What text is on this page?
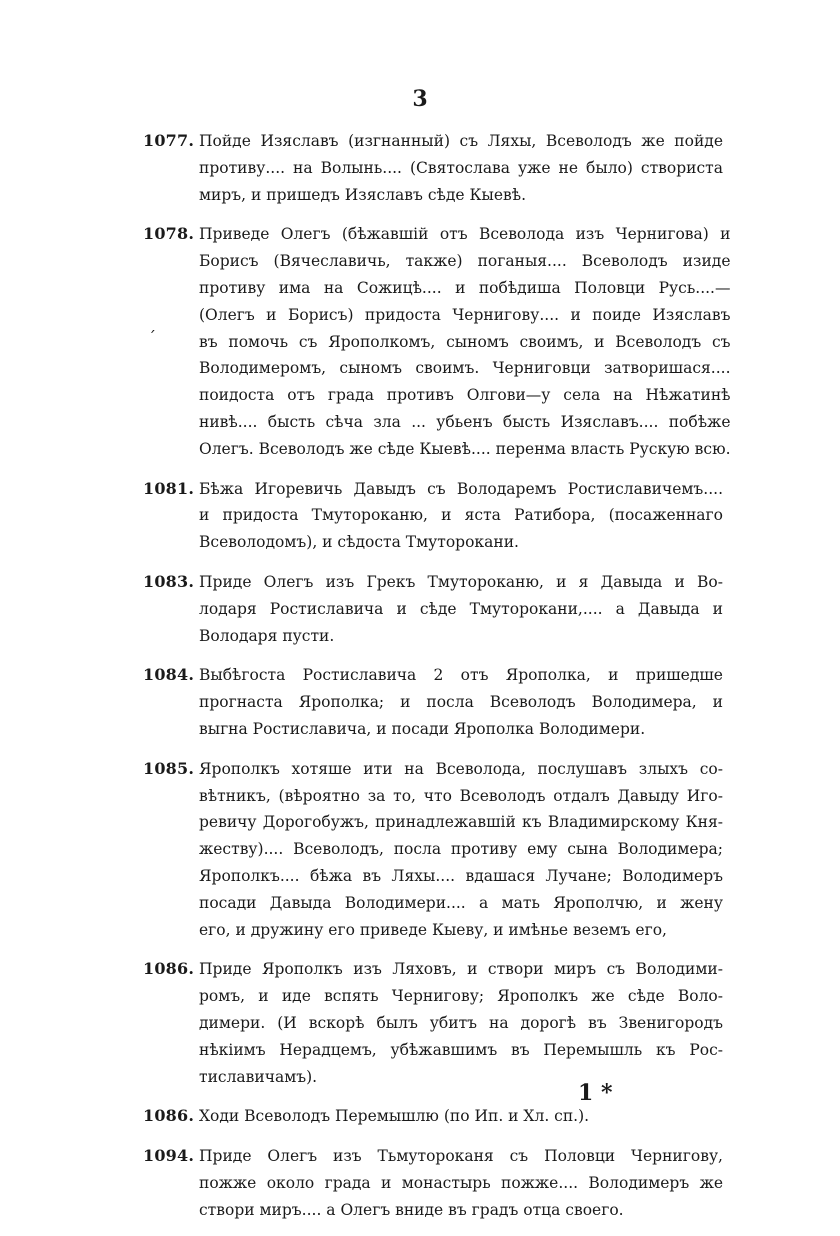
3
ˊ
1077. Пойде Изяславъ (изгнанный) съ Ляхы, Всеволодъ же пойде
противу.... на Волынь.... (Святослава уже не было) створиста
миръ, и пришедъ Изяславъ сѣде Кыевѣ.
1078. Приведе Олегъ (бѣжавшій отъ Всеволода изъ Чернигова) и
Борисъ (Вячеславичь, также) поганыя.... Всеволодъ изиде
противу има на Сожицѣ.... и побѣдиша Половци Русь....—
(Олегъ и Борисъ) придоста Чернигову.... и поиде Изяславъ
въ помочь съ Ярополкомъ, сыномъ своимъ, и Всеволодъ съ
Володимеромъ, сыномъ своимъ. Черниговци затворишася....
поидоста отъ града противъ Олгови—у села на Нѣжатинѣ
нивѣ.... бысть сѣча зла ... убьенъ бысть Изяславъ.... побѣже
Олегъ. Всеволодъ же сѣде Кыевѣ.... перенма власть Рускую всю.
1081. Бѣжа Игоревичь Давыдъ съ Володаремъ Ростиславичемъ....
и придоста Тмутороканю, и яста Ратибора, (посаженнаго
Всеволодомъ), и сѣдоста Тмуторокани.
1083. Приде Олегъ изъ Грекъ Тмутороканю, и я Давыда и Во-
лодаря Ростиславича и сѣде Тмуторокани,.... а Давыда и
Володаря пусти.
1084. Выбѣгоста Ростиславича 2 отъ Ярополка, и пришедше
прогнаста Ярополка; и посла Всеволодъ Володимера, и
выгна Ростиславича, и посади Ярополка Володимери.
1085. Ярополкъ хотяше ити на Всеволода, послушавъ злыхъ со-
вѣтникъ, (вѣроятно за то, что Всеволодъ отдалъ Давыду Иго-
ревичу Дорогобужъ, принадлежавшій къ Владимирскому Кня-
жеству).... Всеволодъ, посла противу ему сына Володимера;
Ярополкъ.... бѣжа въ Ляхы.... вдашася Лучане; Володимеръ
посади Давыда Володимери.... а мать Ярополчю, и жену
его, и дружину его приведе Кыеву, и имѣнье веземъ его,
1086. Приде Ярополкъ изъ Ляховъ, и створи миръ съ Володими-
ромъ, и иде вспять Чернигову; Ярополкъ же сѣде Воло-
димери. (И вскорѣ былъ убитъ на дорогѣ въ Звенигородъ
нѣкіимъ Нерадцемъ, убѣжавшимъ въ Перемышль къ Рос-
тиславичамъ).
1086. Ходи Всеволодъ Перемышлю (по Ип. и Хл. сп.).
1094. Приде Олегъ изъ Тьмутороканя съ Половци Чернигову,
пожже около града и монастырь пожже.... Володимеръ же
створи миръ.... а Олегъ вниде въ градъ отца своего.
1 *
